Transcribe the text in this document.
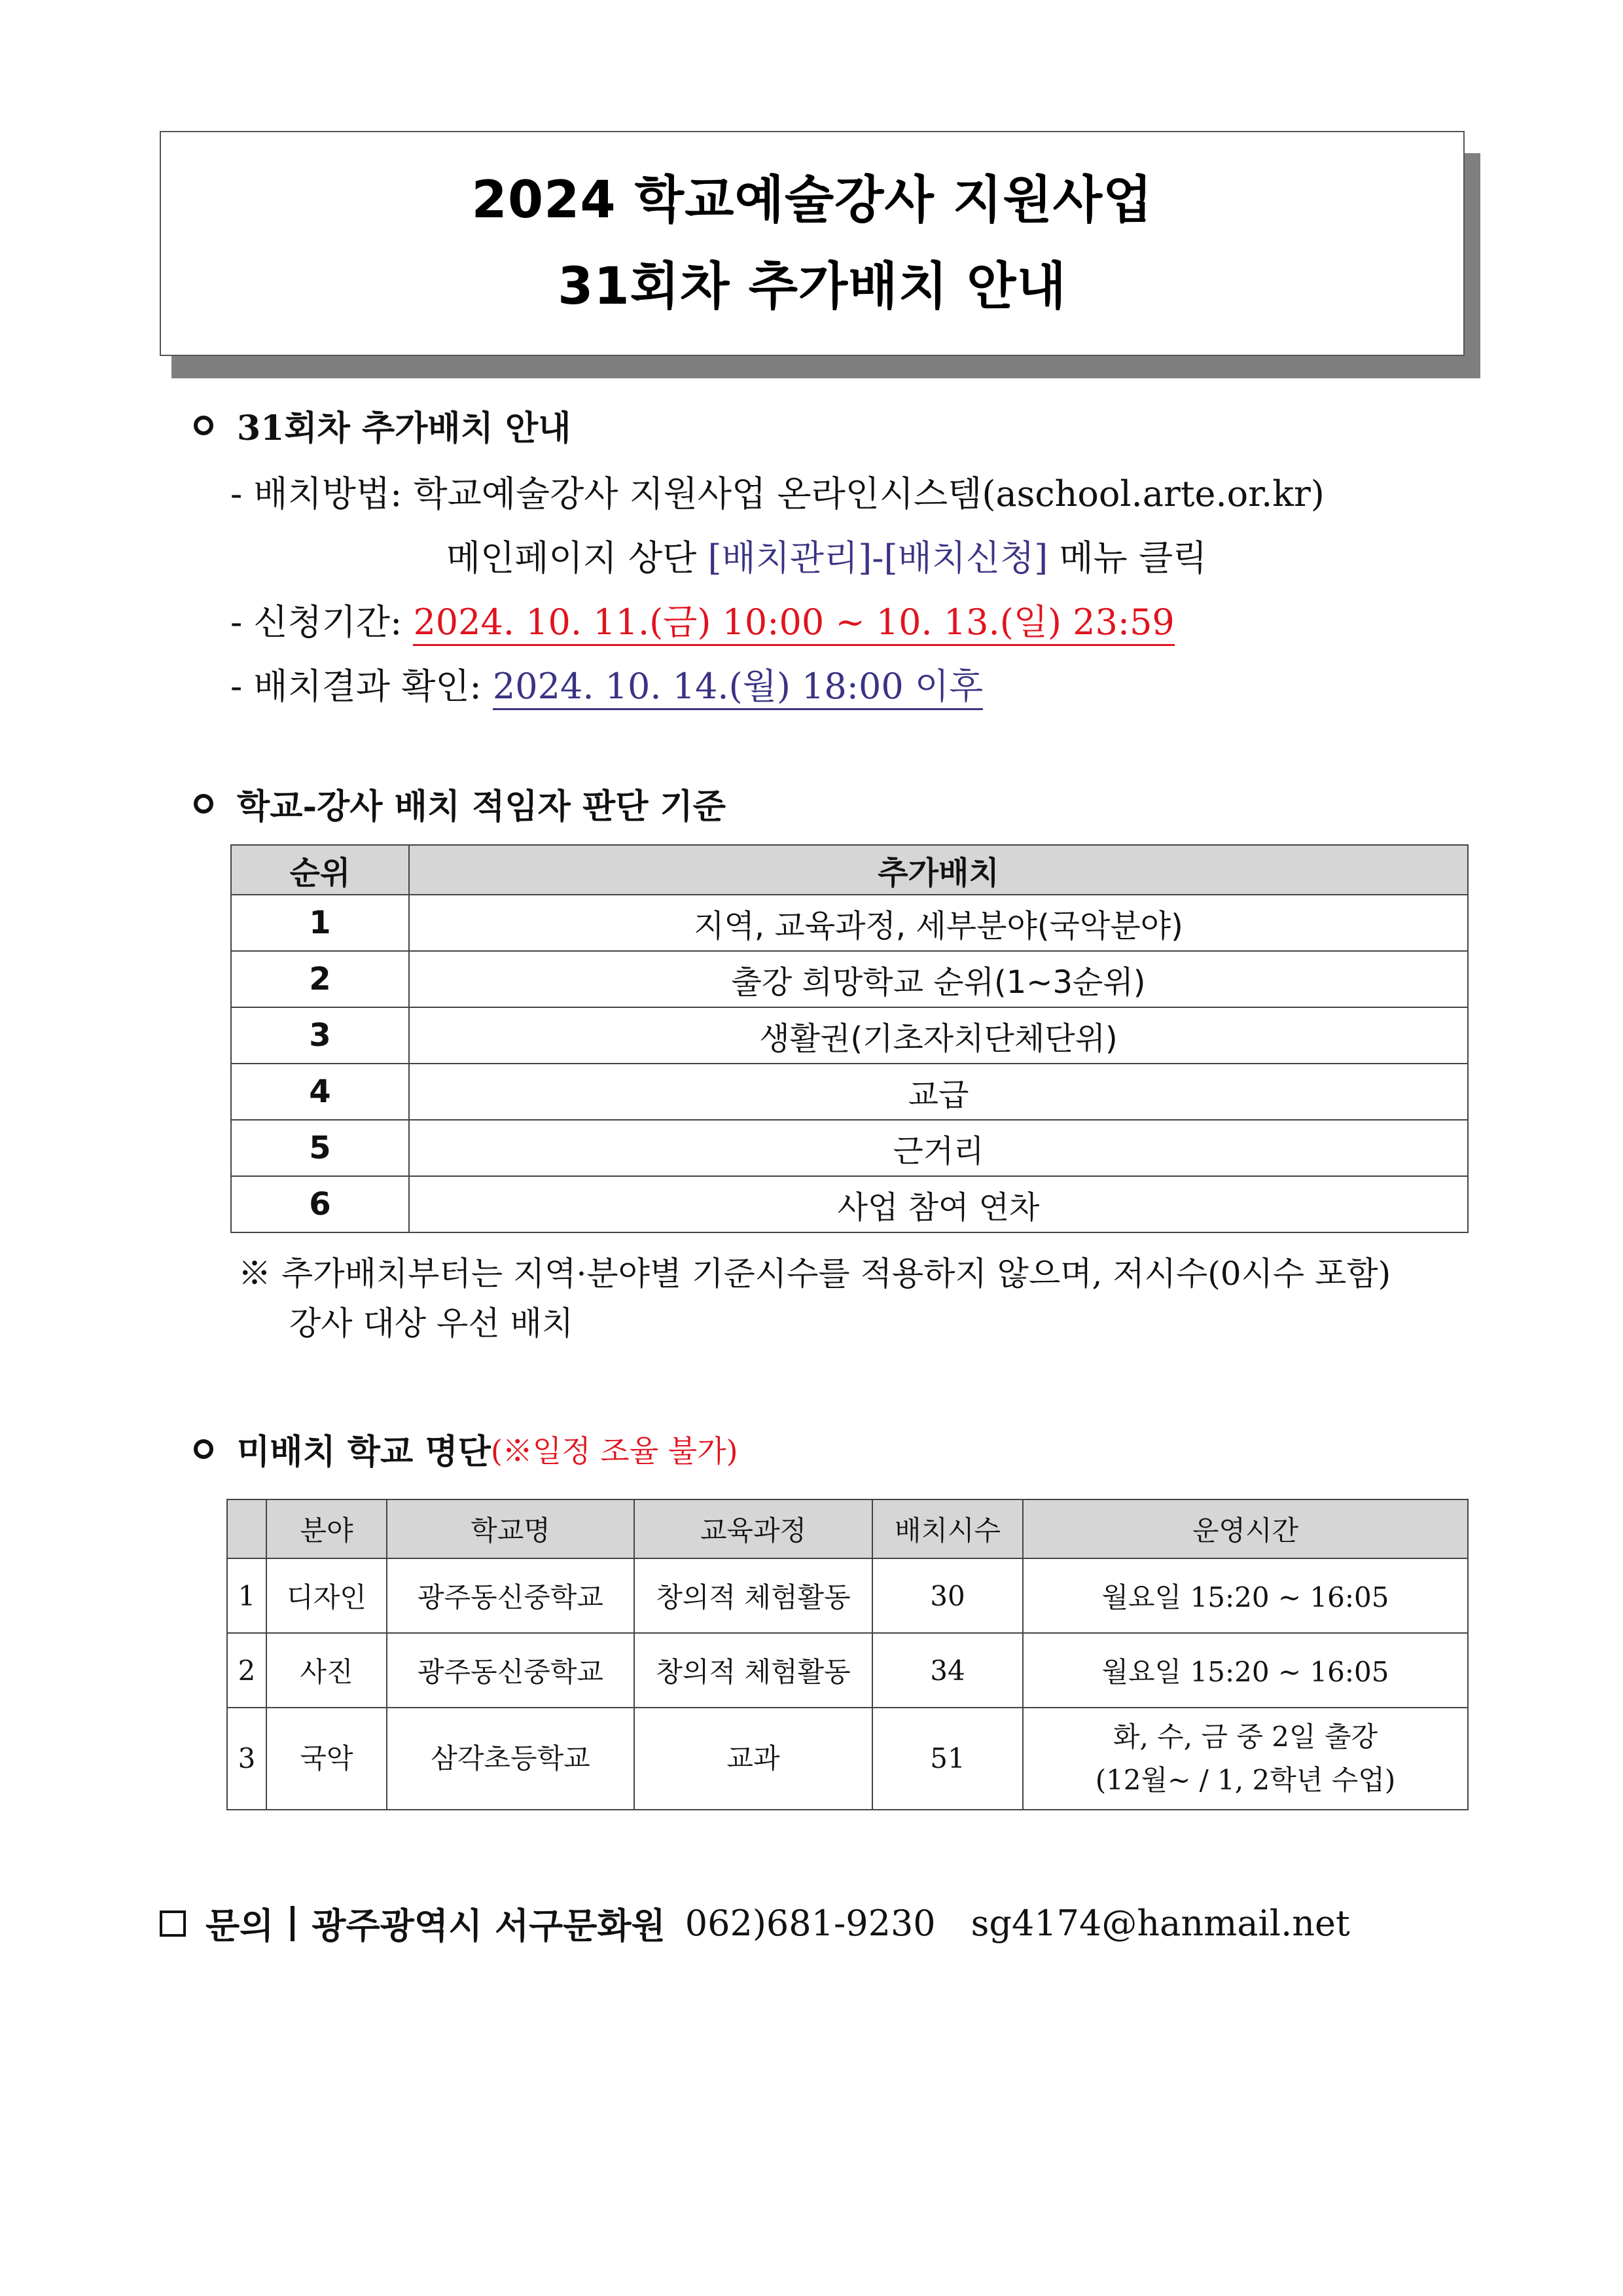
2024 학교예술강사 지원사업
31회차 추가배치 안내
31회차 추가배치 안내
- 배치방법: 학교예술강사 지원사업 온라인시스템(aschool.arte.or.kr)
메인페이지 상단 [배치관리]-[배치신청] 메뉴 클릭
- 신청기간: 2024. 10. 11.(금) 10:00 ~ 10. 13.(일) 23:59
- 배치결과 확인: 2024. 10. 14.(월) 18:00 이후
학교-강사 배치 적임자 판단 기준
순위	추가배치
1	지역, 교육과정, 세부분야(국악분야)
2	출강 희망학교 순위(1~3순위)
3	생활권(기초자치단체단위)
4	교급
5	근거리
6	사업 참여 연차
※ 추가배치부터는 지역·분야별 기준시수를 적용하지 않으며, 저시수(0시수 포함)
강사 대상 우선 배치
미배치 학교 명단 (※일정 조율 불가)
	분야	학교명	교육과정	배치시수	운영시간
1	디자인	광주동신중학교	창의적 체험활동	30	월요일 15:20 ~ 16:05
2	사진	광주동신중학교	창의적 체험활동	34	월요일 15:20 ~ 16:05
3	국악	삼각초등학교	교과	51	화, 수, 금 중 2일 출강
(12월~ / 1, 2학년 수업)
문의 광주광역시 서구문화원 062)681-9230 sg4174@hanmail.net
